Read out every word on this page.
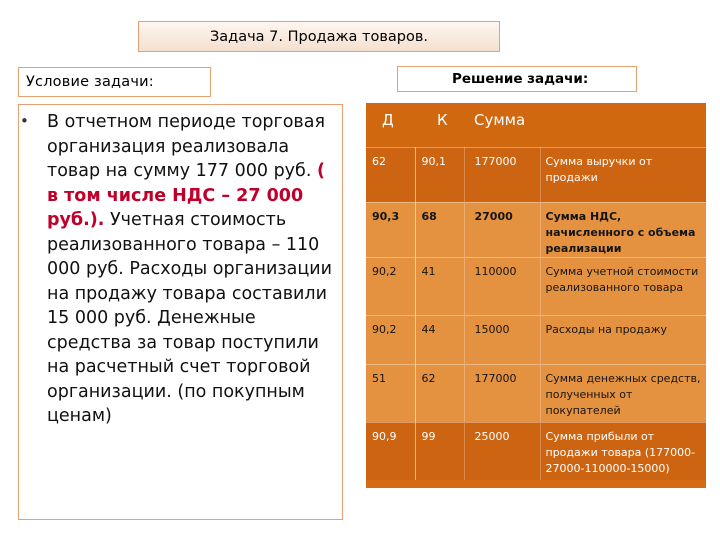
Задача 7. Продажа товаров.
Условие задачи:	Решение задачи:
• В отчетном периоде торговая организация реализовала товар на сумму 177 000 руб. ( в том числе НДС – 27 000 руб.). Учетная стоимость реализованного товара – 110 000 руб. Расходы организации на продажу товара составили 15 000 руб. Денежные средства за товар поступили на расчетный счет торговой организации. (по покупным ценам)
Д	К	Сумма	
62	90,1	177000	Сумма выручки от продажи
90,3	68	27000	Сумма НДС, начисленного с объема реализации
90,2	41	110000	Сумма учетной стоимости реализованного товара
90,2	44	15000	Расходы на продажу
51	62	177000	Сумма денежных средств, полученных от покупателей
90,9	99	25000	Сумма прибыли от продажи товара (177000-27000-110000-15000)
